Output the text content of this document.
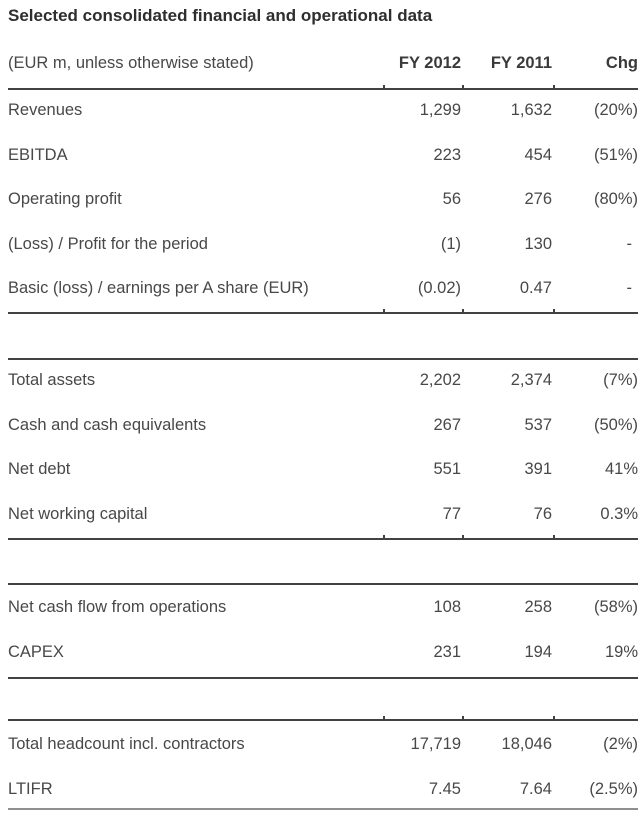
Selected consolidated financial and operational data
(EUR m, unless otherwise stated)	FY 2012	FY 2011	Chg
Revenues	1,299	1,632	(20%)
EBITDA	223	454	(51%)
Operating profit	56	276	(80%)
(Loss) / Profit for the period	(1)	130	-
Basic (loss) / earnings per A share (EUR)	(0.02)	0.47	-
Total assets	2,202	2,374	(7%)
Cash and cash equivalents	267	537	(50%)
Net debt	551	391	41%
Net working capital	77	76	0.3%
Net cash flow from operations	108	258	(58%)
CAPEX	231	194	19%
Total headcount incl. contractors	17,719	18,046	(2%)
LTIFR	7.45	7.64	(2.5%)
